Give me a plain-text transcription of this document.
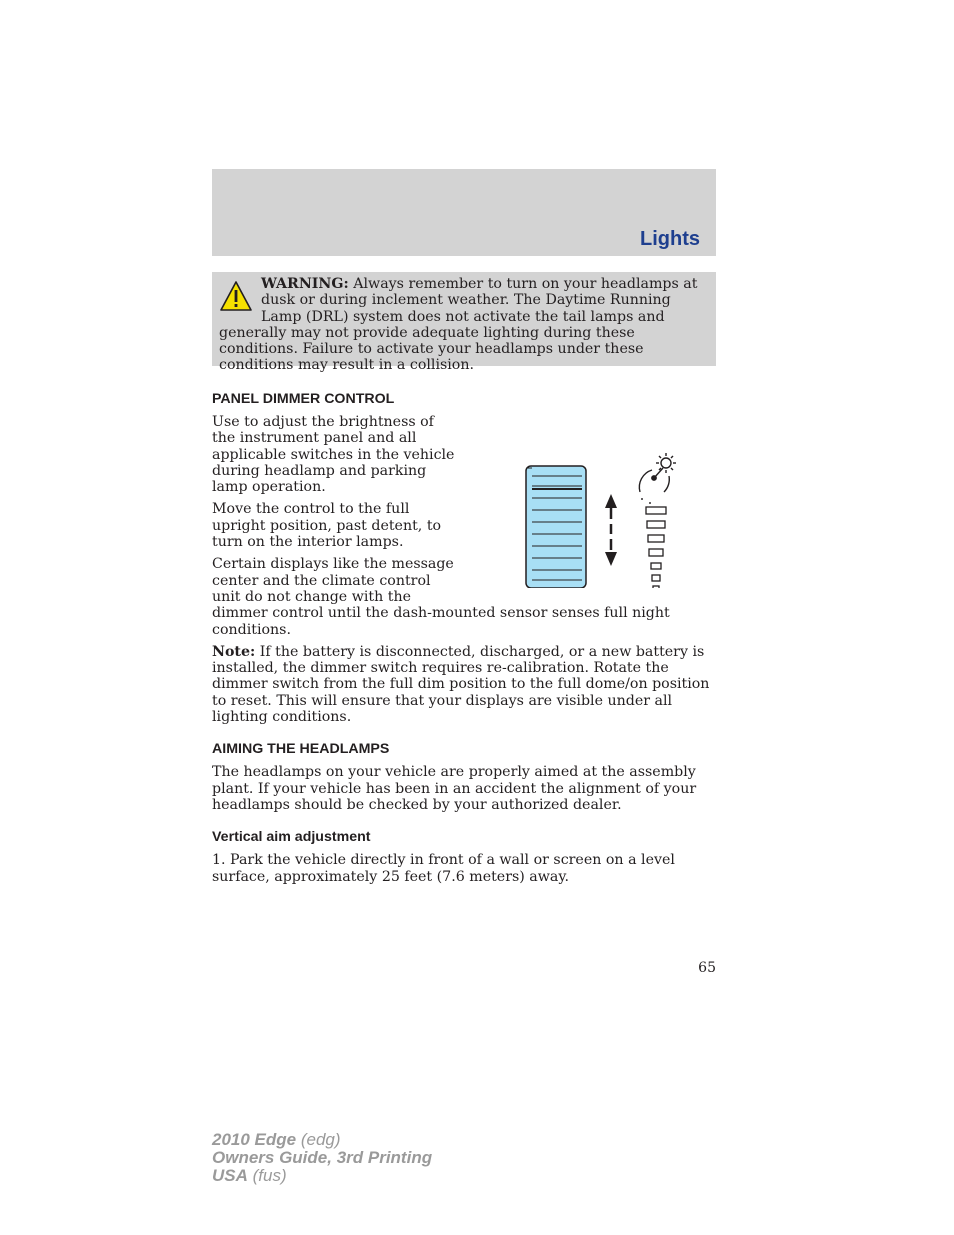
Lights

WARNING: Always remember to turn on your headlamps at dusk or during inclement weather. The Daytime Running Lamp (DRL) system does not activate the tail lamps and generally may not provide adequate lighting during these conditions. Failure to activate your headlamps under these conditions may result in a collision.

PANEL DIMMER CONTROL

Use to adjust the brightness of the instrument panel and all applicable switches in the vehicle during headlamp and parking lamp operation.

Move the control to the full upright position, past detent, to turn on the interior lamps.

Certain displays like the message center and the climate control unit do not change with the dimmer control until the dash-mounted sensor senses full night conditions.

Note: If the battery is disconnected, discharged, or a new battery is installed, the dimmer switch requires re-calibration. Rotate the dimmer switch from the full dim position to the full dome/on position to reset. This will ensure that your displays are visible under all lighting conditions.

AIMING THE HEADLAMPS

The headlamps on your vehicle are properly aimed at the assembly plant. If your vehicle has been in an accident the alignment of your headlamps should be checked by your authorized dealer.

Vertical aim adjustment

1. Park the vehicle directly in front of a wall or screen on a level surface, approximately 25 feet (7.6 meters) away.

65

2010 Edge (edg)
Owners Guide, 3rd Printing
USA (fus)
